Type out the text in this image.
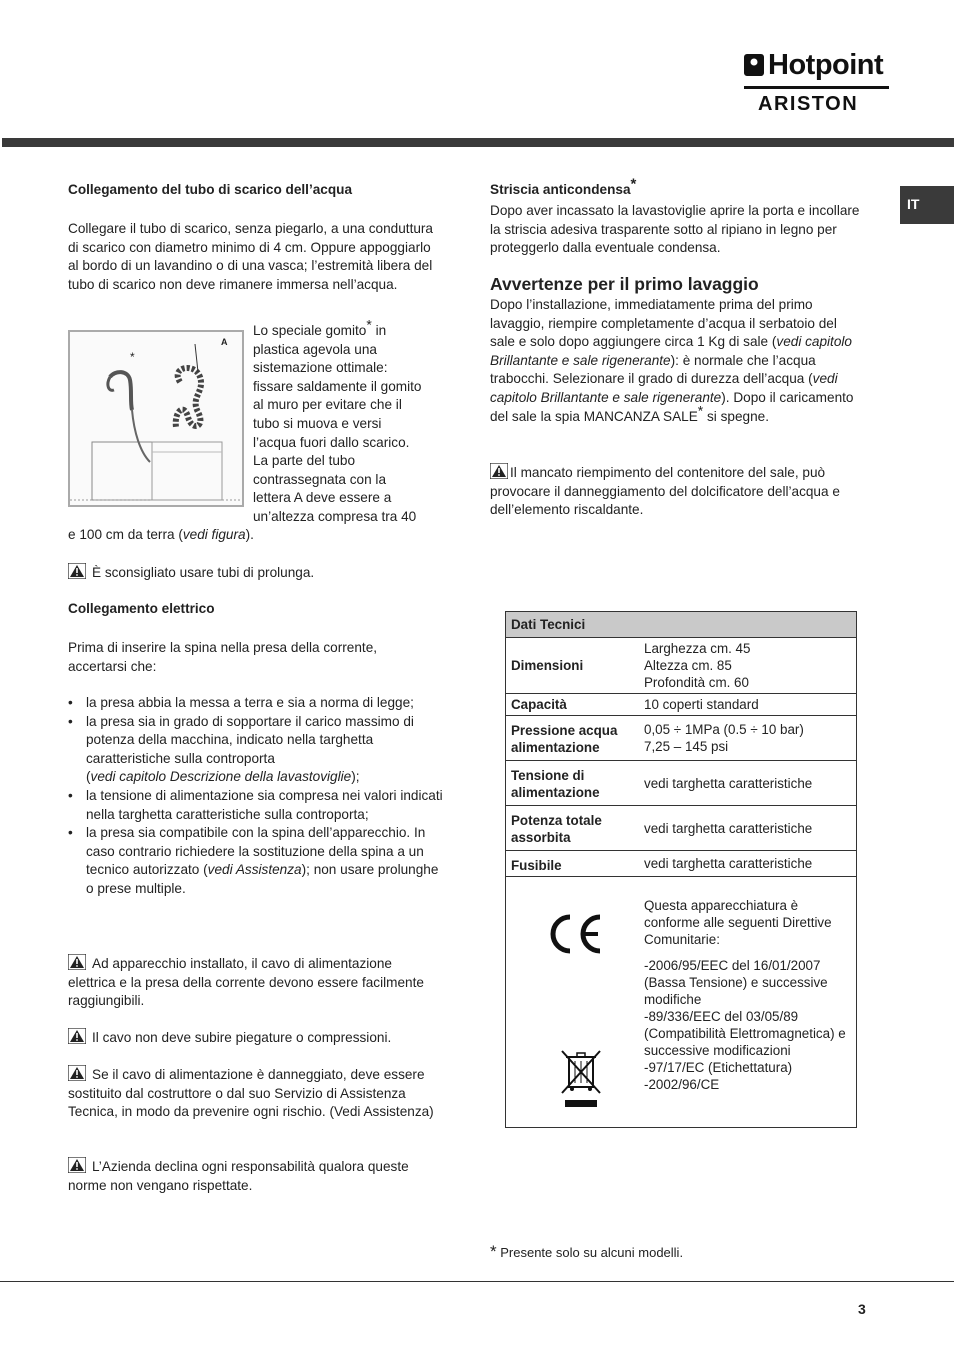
Hotpoint
ARISTON
IT
Collegamento del tubo di scarico dell’acqua
Collegare il tubo di scarico, senza piegarlo, a una conduttura di scarico con diametro minimo di 4 cm. Oppure appoggiarlo al bordo di un lavandino o di una vasca; l’estremità libera del tubo di scarico non deve rimanere immersa nell’acqua.
*
A
Lo speciale gomito* in
plastica agevola una
sistemazione ottimale:
fissare saldamente il gomito
al muro per evitare che il
tubo si muova e versi
l’acqua fuori dallo scarico.
La parte del tubo
contrassegnata con la
lettera A deve essere a
un’altezza compresa tra 40
e 100 cm da terra (vedi figura).
È sconsigliato usare tubi di prolunga.
Collegamento elettrico
Prima di inserire la spina nella presa della corrente, accertarsi che:
• la presa abbia la messa a terra e sia a norma di legge;
• la presa sia in grado di sopportare il carico massimo di potenza della macchina, indicato nella targhetta caratteristiche sulla controporta
(vedi capitolo Descrizione della lavastoviglie);
• la tensione di alimentazione sia compresa nei valori indicati nella targhetta caratteristiche sulla controporta;
• la presa sia compatibile con la spina dell’apparecchio. In caso contrario richiedere la sostituzione della spina a un tecnico autorizzato (vedi Assistenza); non usare prolunghe o prese multiple.
Ad apparecchio installato, il cavo di alimentazione elettrica e la presa della corrente devono essere facilmente raggiungibili.
Il cavo non deve subire piegature o compressioni.
Se il cavo di alimentazione è danneggiato, deve essere sostituito dal costruttore o dal suo Servizio di Assistenza Tecnica, in modo da prevenire ogni rischio. (Vedi Assistenza)
L’Azienda declina ogni responsabilità qualora queste norme non vengano rispettate.
Striscia anticondensa*
Dopo aver incassato la lavastoviglie aprire la porta e incollare la striscia adesiva trasparente sotto al ripiano in legno per proteggerlo dalla eventuale condensa.
Avvertenze per il primo lavaggio
Dopo l’installazione, immediatamente prima del primo lavaggio, riempire completamente d’acqua il serbatoio del sale e solo dopo aggiungere circa 1 Kg di sale (vedi capitolo Brillantante e sale rigenerante): è normale che l’acqua trabocchi. Selezionare il grado di durezza dell’acqua (vedi capitolo Brillantante e sale rigenerante). Dopo il caricamento del sale la spia MANCANZA SALE* si spegne.
Il mancato riempimento del contenitore del sale, può provocare il danneggiamento del dolcificatore dell’acqua e dell’elemento riscaldante.
Dati Tecnici	
Dimensioni	Larghezza cm. 45
Altezza cm. 85
Profondità cm. 60

Capacità	10 coperti standard
Pressione acqua alimentazione	0,05 ÷ 1MPa (0.5 ÷ 10 bar)
7,25 – 145 psi

Tensione di alimentazione	vedi targhetta caratteristiche
Potenza totale assorbita	vedi targhetta caratteristiche
Fusibile	vedi targhetta caratteristiche

Questa apparecchiatura è conforme alle seguenti Direttive Comunitarie:
-2006/95/EEC del 16/01/2007 (Bassa Tensione) e successive modifiche
-89/336/EEC del 03/05/89 (Compatibilità Elettromagnetica) e successive modificazioni
-97/17/EC (Etichettatura)
-2002/96/CE
* Presente solo su alcuni modelli.
3
